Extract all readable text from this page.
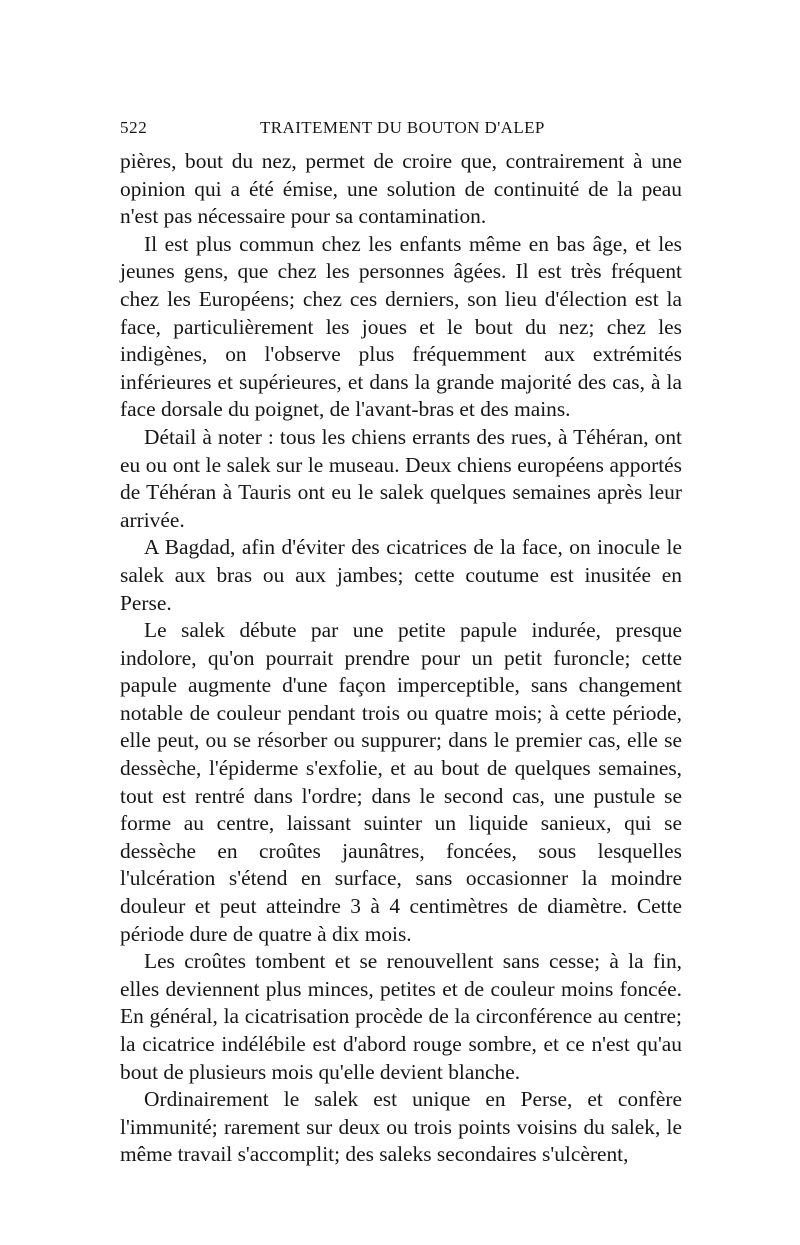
522	TRAITEMENT DU BOUTON D'ALEP

pières, bout du nez, permet de croire que, contrairement à une opinion qui a été émise, une solution de continuité de la peau n'est pas nécessaire pour sa contamination.

Il est plus commun chez les enfants même en bas âge, et les jeunes gens, que chez les personnes âgées. Il est très fréquent chez les Européens; chez ces derniers, son lieu d'élection est la face, particulièrement les joues et le bout du nez; chez les indigènes, on l'observe plus fréquemment aux extrémités inférieures et supérieures, et dans la grande majorité des cas, à la face dorsale du poignet, de l'avant-bras et des mains.

Détail à noter : tous les chiens errants des rues, à Téhéran, ont eu ou ont le salek sur le museau. Deux chiens européens apportés de Téhéran à Tauris ont eu le salek quelques semaines après leur arrivée.

A Bagdad, afin d'éviter des cicatrices de la face, on inocule le salek aux bras ou aux jambes; cette coutume est inusitée en Perse.

Le salek débute par une petite papule indurée, presque indolore, qu'on pourrait prendre pour un petit furoncle; cette papule augmente d'une façon imperceptible, sans changement notable de couleur pendant trois ou quatre mois; à cette période, elle peut, ou se résorber ou suppurer; dans le premier cas, elle se dessèche, l'épiderme s'exfolie, et au bout de quelques semaines, tout est rentré dans l'ordre; dans le second cas, une pustule se forme au centre, laissant suinter un liquide sanieux, qui se dessèche en croûtes jaunâtres, foncées, sous lesquelles l'ulcération s'étend en surface, sans occasionner la moindre douleur et peut atteindre 3 à 4 centimètres de diamètre. Cette période dure de quatre à dix mois.

Les croûtes tombent et se renouvellent sans cesse; à la fin, elles deviennent plus minces, petites et de couleur moins foncée. En général, la cicatrisation procède de la circonférence au centre; la cicatrice indélébile est d'abord rouge sombre, et ce n'est qu'au bout de plusieurs mois qu'elle devient blanche.

Ordinairement le salek est unique en Perse, et confère l'immunité; rarement sur deux ou trois points voisins du salek, le même travail s'accomplit; des saleks secondaires s'ulcèrent,
